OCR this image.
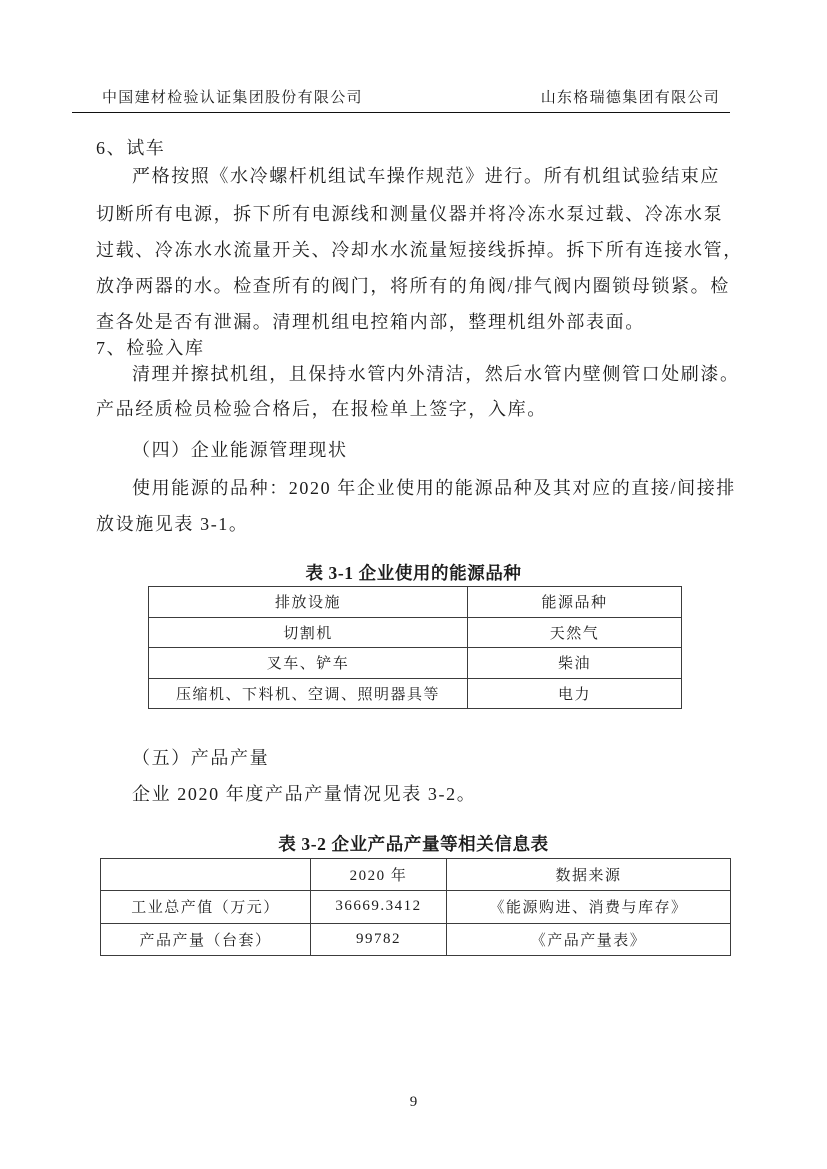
中国建材检验认证集团股份有限公司	山东格瑞德集团有限公司
6、试车
严格按照《水冷螺杆机组试车操作规范》进行。所有机组试验结束应
切断所有电源，拆下所有电源线和测量仪器并将冷冻水泵过载、冷冻水泵
过载、冷冻水水流量开关、冷却水水流量短接线拆掉。拆下所有连接水管，
放净两器的水。检查所有的阀门，将所有的角阀/排气阀内圈锁母锁紧。检
查各处是否有泄漏。清理机组电控箱内部，整理机组外部表面。
7、检验入库
清理并擦拭机组，且保持水管内外清洁，然后水管内壁侧管口处刷漆。
产品经质检员检验合格后，在报检单上签字，入库。
（四）企业能源管理现状
使用能源的品种：2020 年企业使用的能源品种及其对应的直接/间接排
放设施见表 3-1。
表 3-1 企业使用的能源品种
排放设施	能源品种
切割机	天然气
叉车、铲车	柴油
压缩机、下料机、空调、照明器具等	电力
（五）产品产量
企业 2020 年度产品产量情况见表 3-2。
表 3-2 企业产品产量等相关信息表
	2020 年	数据来源
工业总产值（万元）	36669.3412	《能源购进、消费与库存》
产品产量（台套）	99782	《产品产量表》
9
